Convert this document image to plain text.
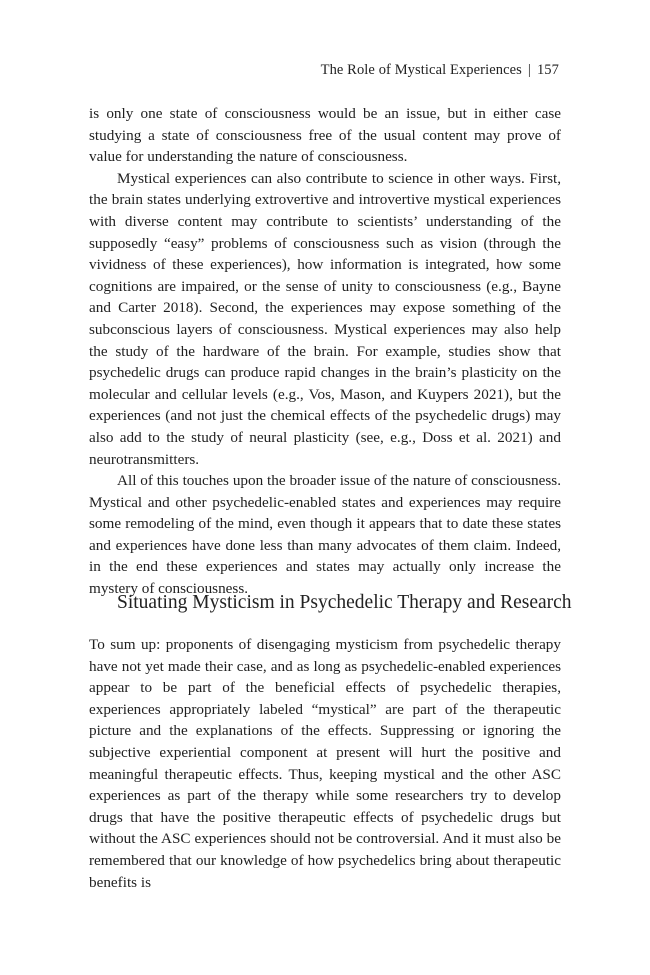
The Role of Mystical Experiences | 157

is only one state of consciousness would be an issue, but in either case studying a state of consciousness free of the usual content may prove of value for understanding the nature of consciousness.

Mystical experiences can also contribute to science in other ways. First, the brain states underlying extrovertive and introvertive mystical experiences with diverse content may contribute to scientists’ understanding of the supposedly “easy” problems of consciousness such as vision (through the vividness of these experiences), how information is integrated, how some cognitions are impaired, or the sense of unity to consciousness (e.g., Bayne and Carter 2018). Second, the experiences may expose something of the subconscious layers of consciousness. Mystical experiences may also help the study of the hardware of the brain. For example, studies show that psychedelic drugs can produce rapid changes in the brain’s plasticity on the molecular and cellular levels (e.g., Vos, Mason, and Kuypers 2021), but the experiences (and not just the chemical effects of the psychedelic drugs) may also add to the study of neural plasticity (see, e.g., Doss et al. 2021) and neurotransmitters.

All of this touches upon the broader issue of the nature of consciousness. Mystical and other psychedelic-enabled states and experiences may require some remodeling of the mind, even though it appears that to date these states and experiences have done less than many advocates of them claim. Indeed, in the end these experiences and states may actually only increase the mystery of consciousness.

Situating Mysticism in Psychedelic Therapy and Research

To sum up: proponents of disengaging mysticism from psychedelic therapy have not yet made their case, and as long as psychedelic-enabled experiences appear to be part of the beneficial effects of psychedelic therapies, experiences appropriately labeled “mystical” are part of the therapeutic picture and the explanations of the effects. Suppressing or ignoring the subjective experiential component at present will hurt the positive and meaningful therapeutic effects. Thus, keeping mystical and the other ASC experiences as part of the therapy while some researchers try to develop drugs that have the positive therapeutic effects of psychedelic drugs but without the ASC experiences should not be controversial. And it must also be remembered that our knowledge of how psychedelics bring about therapeutic benefits is
